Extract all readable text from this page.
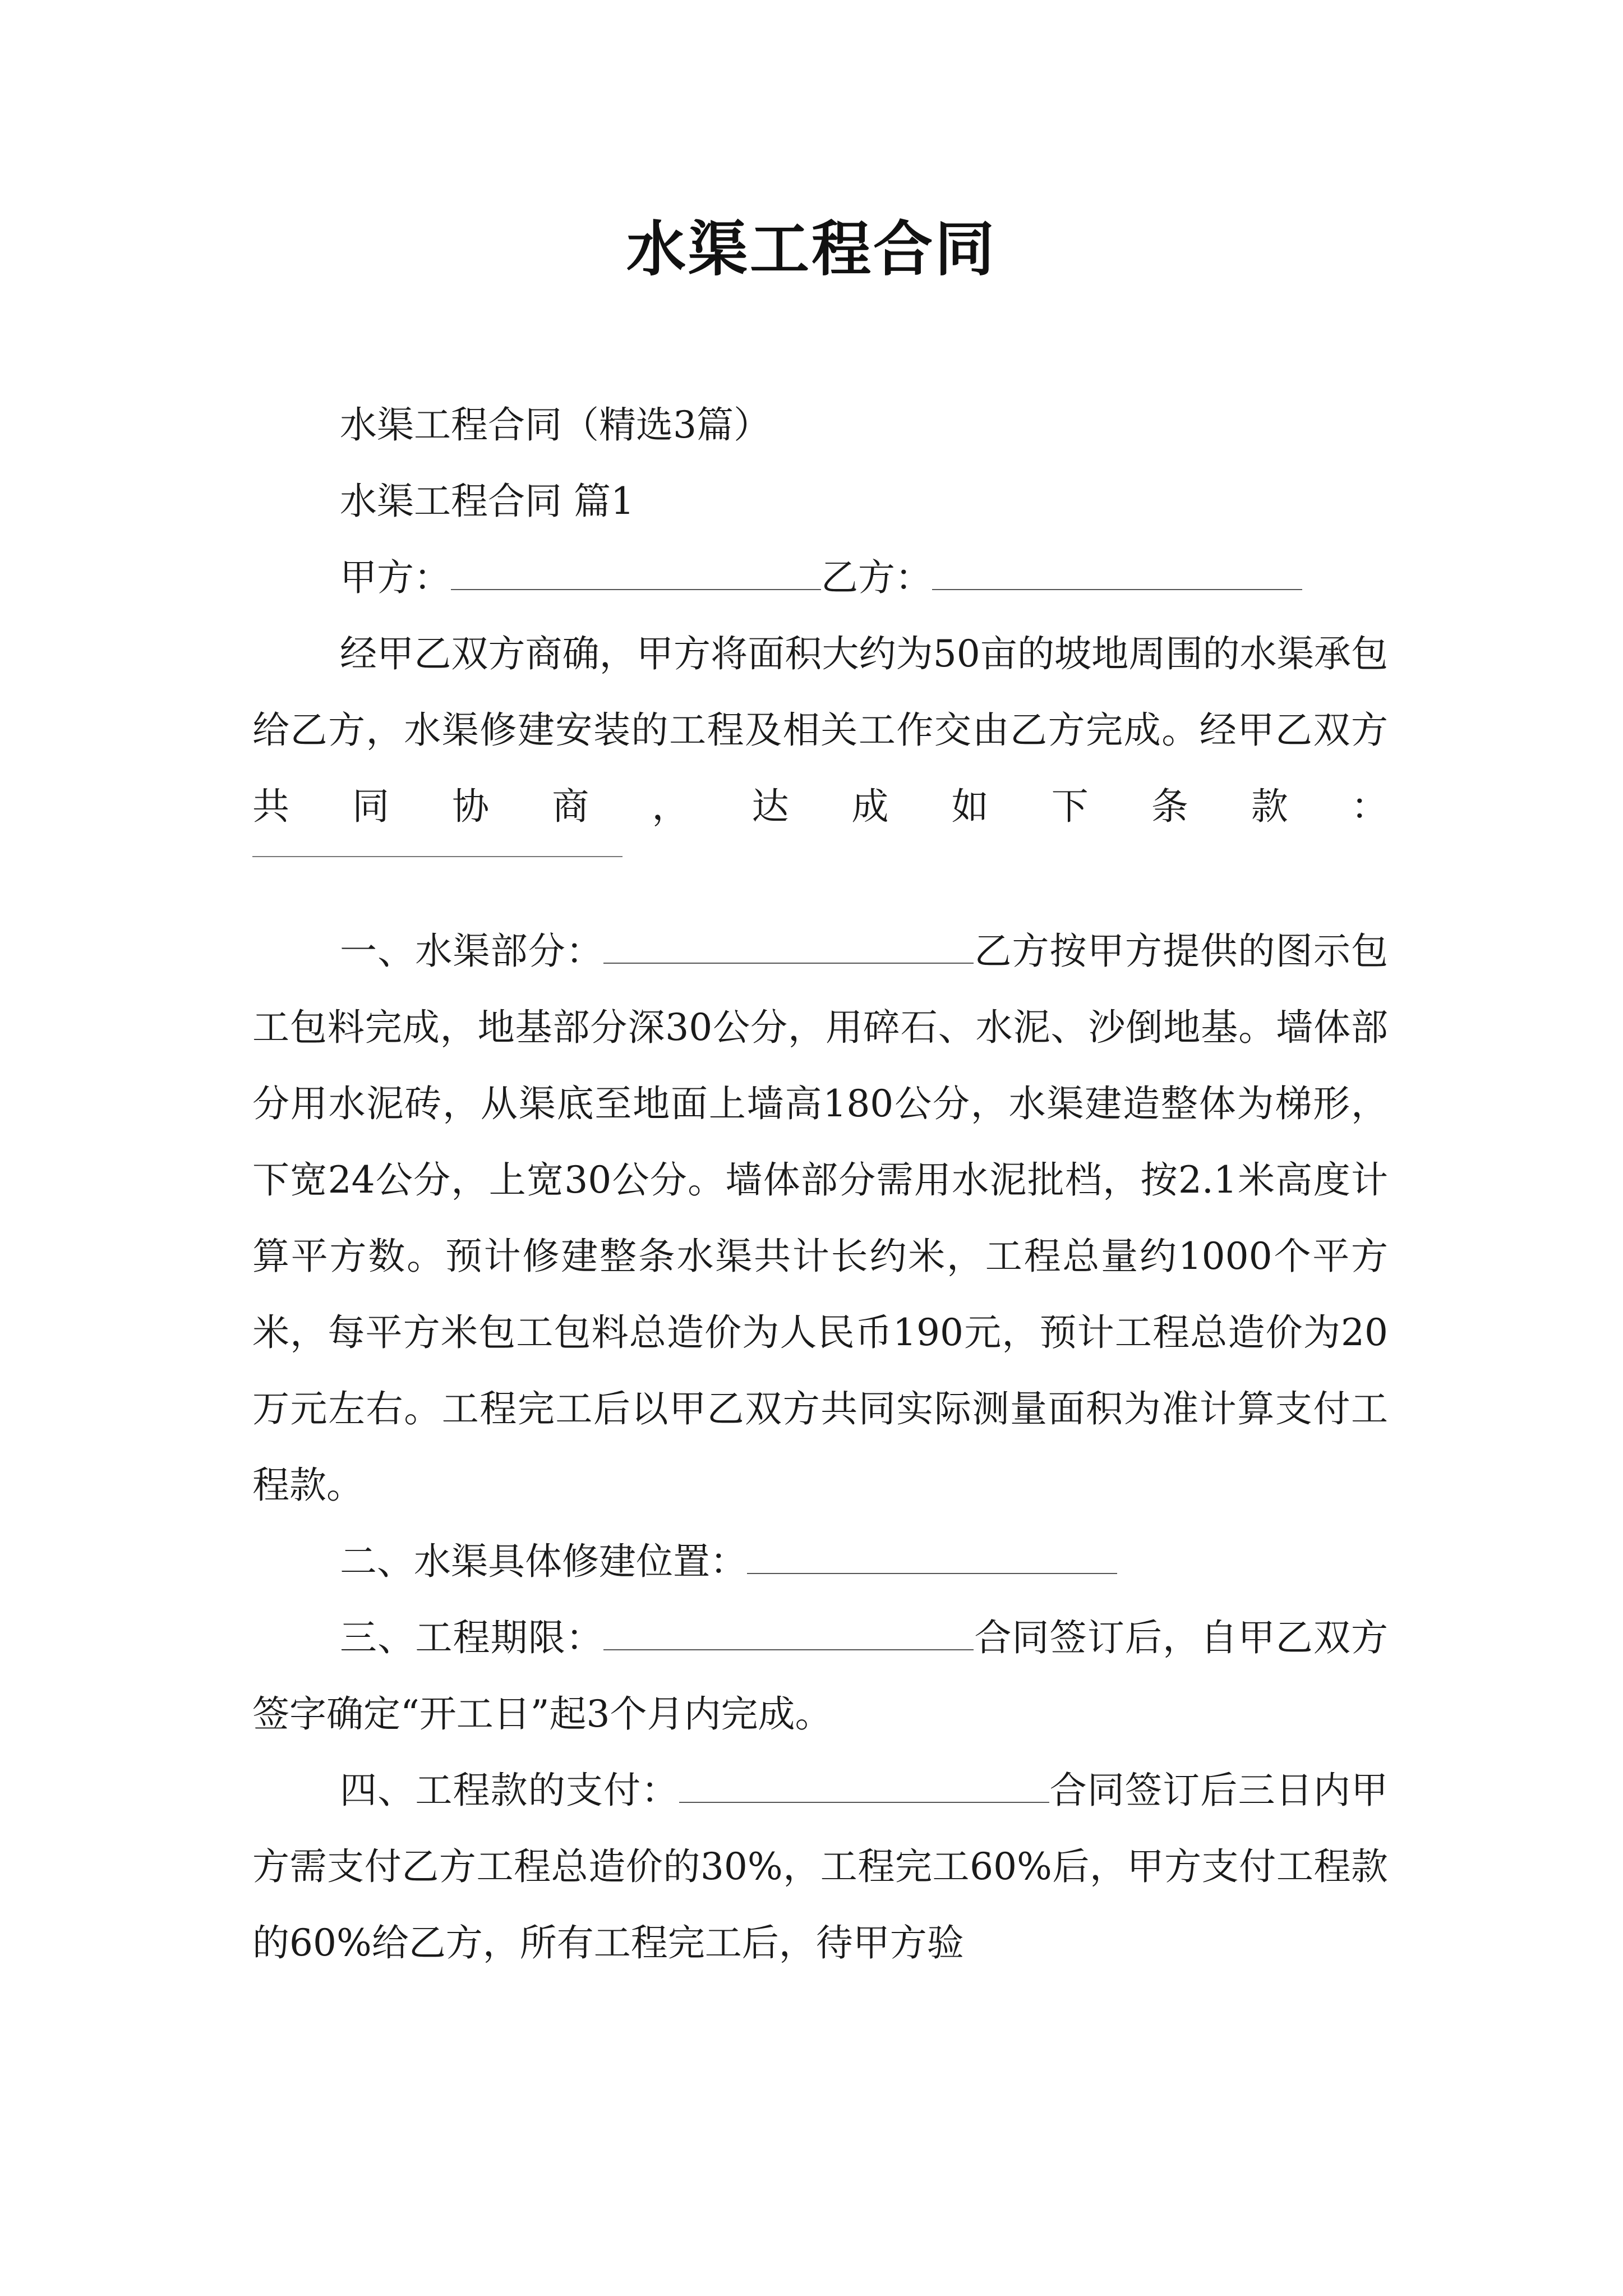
水渠工程合同

水渠工程合同（精选3篇）

水渠工程合同 篇1

甲方：	乙方：

经甲乙双方商确，甲方将面积大约为50亩的坡地周围的水渠承包给乙方，水渠修建安装的工程及相关工作交由乙方完成。经甲乙双方共同协商，达成如下条款：

一、水渠部分：	乙方按甲方提供的图示包工包料完成，地基部分深30公分，用碎石、水泥、沙倒地基。墙体部分用水泥砖，从渠底至地面上墙高180公分，水渠建造整体为梯形，下宽24公分，上宽30公分。墙体部分需用水泥批档，按2.1米高度计算平方数。预计修建整条水渠共计长约米，工程总量约1000个平方米，每平方米包工包料总造价为人民币190元，预计工程总造价为20万元左右。工程完工后以甲乙双方共同实际测量面积为准计算支付工程款。

二、水渠具体修建位置：

三、工程期限：	合同签订后，自甲乙双方签字确定“开工日”起3个月内完成。

四、工程款的支付：	合同签订后三日内甲方需支付乙方工程总造价的30%，工程完工60%后，甲方支付工程款的60%给乙方，所有工程完工后，待甲方验
